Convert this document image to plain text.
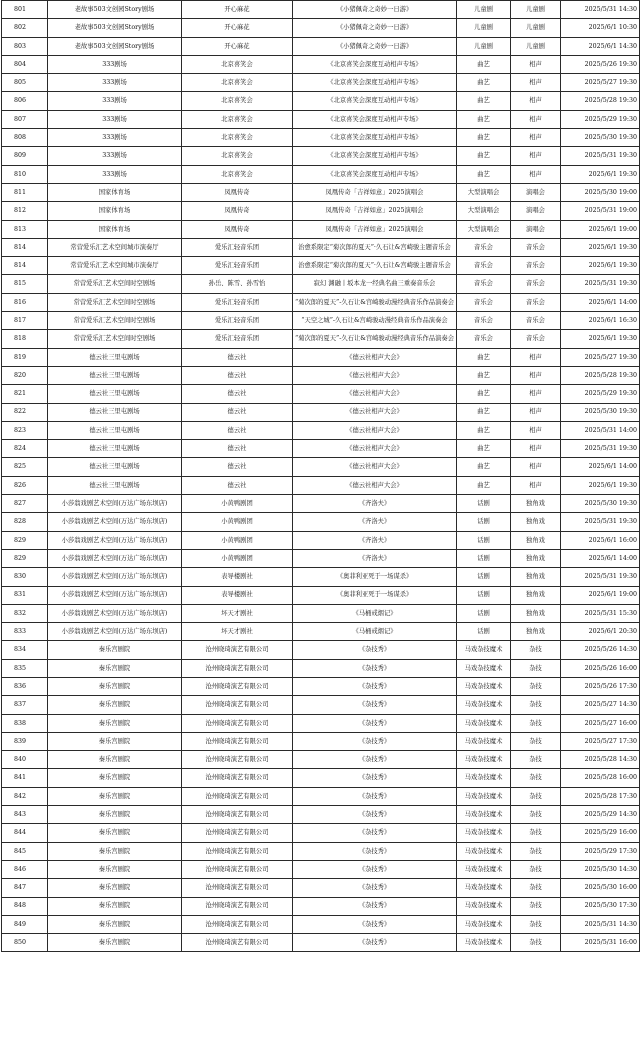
801	老故事503文创园Story剧场	开心麻花	《小猪佩奇之奇妙一日游》	儿童剧	儿童剧	2025/5/31 14:30
802	老故事503文创园Story剧场	开心麻花	《小猪佩奇之奇妙一日游》	儿童剧	儿童剧	2025/6/1 10:30
803	老故事503文创园Story剧场	开心麻花	《小猪佩奇之奇妙一日游》	儿童剧	儿童剧	2025/6/1 14:30
804	333剧场	北京喜笑会	《北京喜笑会深度互动相声专场》	曲艺	相声	2025/5/26 19:30
805	333剧场	北京喜笑会	《北京喜笑会深度互动相声专场》	曲艺	相声	2025/5/27 19:30
806	333剧场	北京喜笑会	《北京喜笑会深度互动相声专场》	曲艺	相声	2025/5/28 19:30
807	333剧场	北京喜笑会	《北京喜笑会深度互动相声专场》	曲艺	相声	2025/5/29 19:30
808	333剧场	北京喜笑会	《北京喜笑会深度互动相声专场》	曲艺	相声	2025/5/30 19:30
809	333剧场	北京喜笑会	《北京喜笑会深度互动相声专场》	曲艺	相声	2025/5/31 19:30
810	333剧场	北京喜笑会	《北京喜笑会深度互动相声专场》	曲艺	相声	2025/6/1 19:30
811	国家体育场	凤凰传奇	凤凰传奇「吉祥如意」2025演唱会	大型演唱会	演唱会	2025/5/30 19:00
812	国家体育场	凤凰传奇	凤凰传奇「吉祥如意」2025演唱会	大型演唱会	演唱会	2025/5/31 19:00
813	国家体育场	凤凰传奇	凤凰传奇「吉祥如意」2025演唱会	大型演唱会	演唱会	2025/6/1 19:00
814	常营爱乐汇艺术空间城市演奏厅	爱乐汇轻音乐团	治愈系限定“菊次郎的夏天”·久石让&宫崎骏主题音乐会	音乐会	音乐会	2025/6/1 19:30
814	常营爱乐汇艺术空间城市演奏厅	爱乐汇轻音乐团	治愈系限定“菊次郎的夏天”·久石让&宫崎骏主题音乐会	音乐会	音乐会	2025/6/1 19:30
815	常营爱乐汇艺术空间时空剧场	孙岳、陈雪、孙雪怡	寂幻 渊融丨坂本龙一经典名曲三重奏音乐会	音乐会	音乐会	2025/5/31 19:30
816	常营爱乐汇艺术空间时空剧场	爱乐汇轻音乐团	“菊次郎的夏天”-久石让&宫崎骏动漫经典音乐作品演奏会	音乐会	音乐会	2025/6/1 14:00
817	常营爱乐汇艺术空间时空剧场	爱乐汇轻音乐团	“天空之城”-久石让&宫崎骏动漫经典音乐作品演奏会	音乐会	音乐会	2025/6/1 16:30
818	常营爱乐汇艺术空间时空剧场	爱乐汇轻音乐团	“菊次郎的夏天”-久石让&宫崎骏动漫经典音乐作品演奏会	音乐会	音乐会	2025/6/1 19:30
819	德云社三里屯剧场	德云社	《德云社相声大会》	曲艺	相声	2025/5/27 19:30
820	德云社三里屯剧场	德云社	《德云社相声大会》	曲艺	相声	2025/5/28 19:30
821	德云社三里屯剧场	德云社	《德云社相声大会》	曲艺	相声	2025/5/29 19:30
822	德云社三里屯剧场	德云社	《德云社相声大会》	曲艺	相声	2025/5/30 19:30
823	德云社三里屯剧场	德云社	《德云社相声大会》	曲艺	相声	2025/5/31 14:00
824	德云社三里屯剧场	德云社	《德云社相声大会》	曲艺	相声	2025/5/31 19:30
825	德云社三里屯剧场	德云社	《德云社相声大会》	曲艺	相声	2025/6/1 14:00
826	德云社三里屯剧场	德云社	《德云社相声大会》	曲艺	相声	2025/6/1 19:30
827	小莎翁戏剧艺术空间(万达广场东坝店)	小黄鸭剧团	《齐洛夫》	话剧	独角戏	2025/5/30 19:30
828	小莎翁戏剧艺术空间(万达广场东坝店)	小黄鸭剧团	《齐洛夫》	话剧	独角戏	2025/5/31 19:30
829	小莎翁戏剧艺术空间(万达广场东坝店)	小黄鸭剧团	《齐洛夫》	话剧	独角戏	2025/6/1 16:00
829	小莎翁戏剧艺术空间(万达广场东坝店)	小黄鸭剧团	《齐洛夫》	话剧	独角戏	2025/6/1 14:00
830	小莎翁戏剧艺术空间(万达广场东坝店)	表导楼剧社	《奥菲利亚死于一场谋杀》	话剧	独角戏	2025/5/31 19:30
831	小莎翁戏剧艺术空间(万达广场东坝店)	表导楼剧社	《奥菲利亚死于一场谋杀》	话剧	独角戏	2025/6/1 19:00
832	小莎翁戏剧艺术空间(万达广场东坝店)	坏天才剧社	《马桶戒烟记》	话剧	独角戏	2025/5/31 15:30
833	小莎翁戏剧艺术空间(万达广场东坝店)	坏天才剧社	《马桶戒烟记》	话剧	独角戏	2025/6/1 20:30
834	秦乐宫剧院	沧州晓琦演艺有限公司	《杂技秀》	马戏杂技魔术	杂技	2025/5/26 14:30
835	秦乐宫剧院	沧州晓琦演艺有限公司	《杂技秀》	马戏杂技魔术	杂技	2025/5/26 16:00
836	秦乐宫剧院	沧州晓琦演艺有限公司	《杂技秀》	马戏杂技魔术	杂技	2025/5/26 17:30
837	秦乐宫剧院	沧州晓琦演艺有限公司	《杂技秀》	马戏杂技魔术	杂技	2025/5/27 14:30
838	秦乐宫剧院	沧州晓琦演艺有限公司	《杂技秀》	马戏杂技魔术	杂技	2025/5/27 16:00
839	秦乐宫剧院	沧州晓琦演艺有限公司	《杂技秀》	马戏杂技魔术	杂技	2025/5/27 17:30
840	秦乐宫剧院	沧州晓琦演艺有限公司	《杂技秀》	马戏杂技魔术	杂技	2025/5/28 14:30
841	秦乐宫剧院	沧州晓琦演艺有限公司	《杂技秀》	马戏杂技魔术	杂技	2025/5/28 16:00
842	秦乐宫剧院	沧州晓琦演艺有限公司	《杂技秀》	马戏杂技魔术	杂技	2025/5/28 17:30
843	秦乐宫剧院	沧州晓琦演艺有限公司	《杂技秀》	马戏杂技魔术	杂技	2025/5/29 14:30
844	秦乐宫剧院	沧州晓琦演艺有限公司	《杂技秀》	马戏杂技魔术	杂技	2025/5/29 16:00
845	秦乐宫剧院	沧州晓琦演艺有限公司	《杂技秀》	马戏杂技魔术	杂技	2025/5/29 17:30
846	秦乐宫剧院	沧州晓琦演艺有限公司	《杂技秀》	马戏杂技魔术	杂技	2025/5/30 14:30
847	秦乐宫剧院	沧州晓琦演艺有限公司	《杂技秀》	马戏杂技魔术	杂技	2025/5/30 16:00
848	秦乐宫剧院	沧州晓琦演艺有限公司	《杂技秀》	马戏杂技魔术	杂技	2025/5/30 17:30
849	秦乐宫剧院	沧州晓琦演艺有限公司	《杂技秀》	马戏杂技魔术	杂技	2025/5/31 14:30
850	秦乐宫剧院	沧州晓琦演艺有限公司	《杂技秀》	马戏杂技魔术	杂技	2025/5/31 16:00
